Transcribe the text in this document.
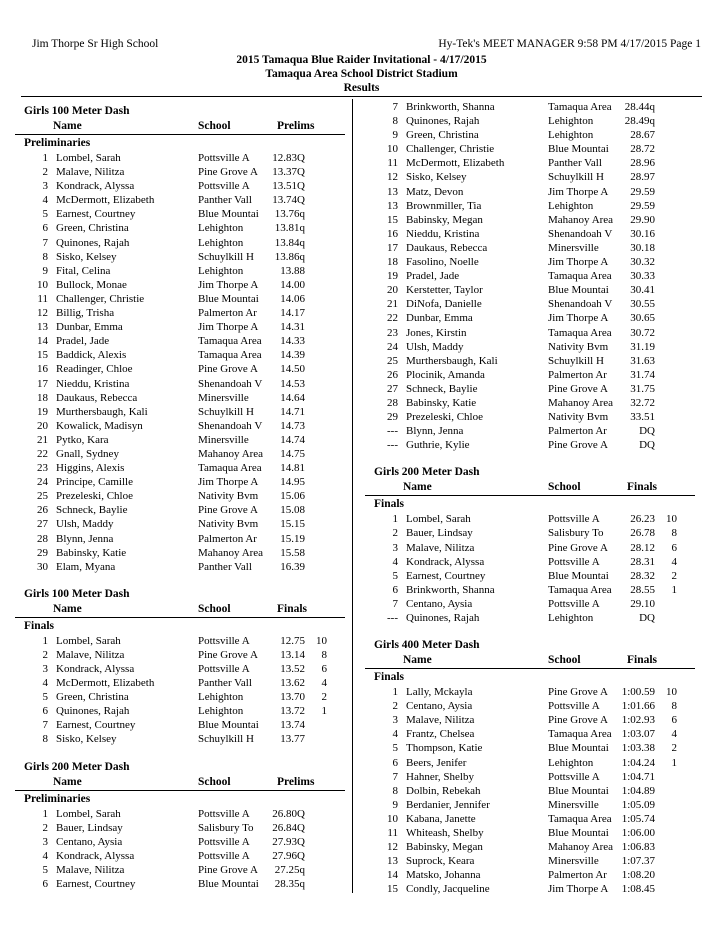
Jim Thorpe Sr High School	Hy-Tek's MEET MANAGER 9:58 PM 4/17/2015 Page 1
2015 Tamaqua Blue Raider Invitational - 4/17/2015
Tamaqua Area School District Stadium
Results
Girls 100 Meter Dash
Name	School	Prelims
Preliminaries
1 Lombel, Sarah	Pottsville A	12.83Q
2 Malave, Nilitza	Pine Grove A	13.37Q
3 Kondrack, Alyssa	Pottsville A	13.51Q
4 McDermott, Elizabeth	Panther Vall	13.74Q
5 Earnest, Courtney	Blue Mountai	13.76q
6 Green, Christina	Lehighton	13.81q
7 Quinones, Rajah	Lehighton	13.84q
8 Sisko, Kelsey	Schuylkill H	13.86q
9 Fital, Celina	Lehighton	13.88
10 Bullock, Monae	Jim Thorpe A	14.00
11 Challenger, Christie	Blue Mountai	14.06
12 Billig, Trisha	Palmerton Ar	14.17
13 Dunbar, Emma	Jim Thorpe A	14.31
14 Pradel, Jade	Tamaqua Area	14.33
15 Baddick, Alexis	Tamaqua Area	14.39
16 Readinger, Chloe	Pine Grove A	14.50
17 Nieddu, Kristina	Shenandoah V	14.53
18 Daukaus, Rebecca	Minersville	14.64
19 Murthersbaugh, Kali	Schuylkill H	14.71
20 Kowalick, Madisyn	Shenandoah V	14.73
21 Pytko, Kara	Minersville	14.74
22 Gnall, Sydney	Mahanoy Area	14.75
23 Higgins, Alexis	Tamaqua Area	14.81
24 Principe, Camille	Jim Thorpe A	14.95
25 Prezeleski, Chloe	Nativity Bvm	15.06
26 Schneck, Baylie	Pine Grove A	15.08
27 Ulsh, Maddy	Nativity Bvm	15.15
28 Blynn, Jenna	Palmerton Ar	15.19
29 Babinsky, Katie	Mahanoy Area	15.58
30 Elam, Myana	Panther Vall	16.39
Girls 100 Meter Dash
Name	School	Finals
Finals
1 Lombel, Sarah	Pottsville A	12.75	10
2 Malave, Nilitza	Pine Grove A	13.14	8
3 Kondrack, Alyssa	Pottsville A	13.52	6
4 McDermott, Elizabeth	Panther Vall	13.62	4
5 Green, Christina	Lehighton	13.70	2
6 Quinones, Rajah	Lehighton	13.72	1
7 Earnest, Courtney	Blue Mountai	13.74
8 Sisko, Kelsey	Schuylkill H	13.77
Girls 200 Meter Dash
Name	School	Prelims
Preliminaries
1 Lombel, Sarah	Pottsville A	26.80Q
2 Bauer, Lindsay	Salisbury To	26.84Q
3 Centano, Aysia	Pottsville A	27.93Q
4 Kondrack, Alyssa	Pottsville A	27.96Q
5 Malave, Nilitza	Pine Grove A	27.25q
6 Earnest, Courtney	Blue Mountai	28.35q
7 Brinkworth, Shanna	Tamaqua Area	28.44q
8 Quinones, Rajah	Lehighton	28.49q
9 Green, Christina	Lehighton	28.67
10 Challenger, Christie	Blue Mountai	28.72
11 McDermott, Elizabeth	Panther Vall	28.96
12 Sisko, Kelsey	Schuylkill H	28.97
13 Matz, Devon	Jim Thorpe A	29.59
13 Brownmiller, Tia	Lehighton	29.59
15 Babinsky, Megan	Mahanoy Area	29.90
16 Nieddu, Kristina	Shenandoah V	30.16
17 Daukaus, Rebecca	Minersville	30.18
18 Fasolino, Noelle	Jim Thorpe A	30.32
19 Pradel, Jade	Tamaqua Area	30.33
20 Kerstetter, Taylor	Blue Mountai	30.41
21 DiNofa, Danielle	Shenandoah V	30.55
22 Dunbar, Emma	Jim Thorpe A	30.65
23 Jones, Kirstin	Tamaqua Area	30.72
24 Ulsh, Maddy	Nativity Bvm	31.19
25 Murthersbaugh, Kali	Schuylkill H	31.63
26 Plocinik, Amanda	Palmerton Ar	31.74
27 Schneck, Baylie	Pine Grove A	31.75
28 Babinsky, Katie	Mahanoy Area	32.72
29 Prezeleski, Chloe	Nativity Bvm	33.51
--- Blynn, Jenna	Palmerton Ar	DQ
--- Guthrie, Kylie	Pine Grove A	DQ
Girls 200 Meter Dash
Name	School	Finals
Finals
1 Lombel, Sarah	Pottsville A	26.23	10
2 Bauer, Lindsay	Salisbury To	26.78	8
3 Malave, Nilitza	Pine Grove A	28.12	6
4 Kondrack, Alyssa	Pottsville A	28.31	4
5 Earnest, Courtney	Blue Mountai	28.32	2
6 Brinkworth, Shanna	Tamaqua Area	28.55	1
7 Centano, Aysia	Pottsville A	29.10
--- Quinones, Rajah	Lehighton	DQ
Girls 400 Meter Dash
Name	School	Finals
Finals
1 Lally, Mckayla	Pine Grove A	1:00.59	10
2 Centano, Aysia	Pottsville A	1:01.66	8
3 Malave, Nilitza	Pine Grove A	1:02.93	6
4 Frantz, Chelsea	Tamaqua Area 1:03.07	4
5 Thompson, Katie	Blue Mountai	1:03.38	2
6 Beers, Jenifer	Lehighton	1:04.24	1
7 Hahner, Shelby	Pottsville A	1:04.71
8 Dolbin, Rebekah	Blue Mountai	1:04.89
9 Berdanier, Jennifer	Minersville	1:05.09
10 Kabana, Janette	Tamaqua Area 1:05.74
11 Whiteash, Shelby	Blue Mountai	1:06.00
12 Babinsky, Megan	Mahanoy Area 1:06.83
13 Suprock, Keara	Minersville	1:07.37
14 Matsko, Johanna	Palmerton Ar	1:08.20
15 Condly, Jacqueline	Jim Thorpe A	1:08.45
